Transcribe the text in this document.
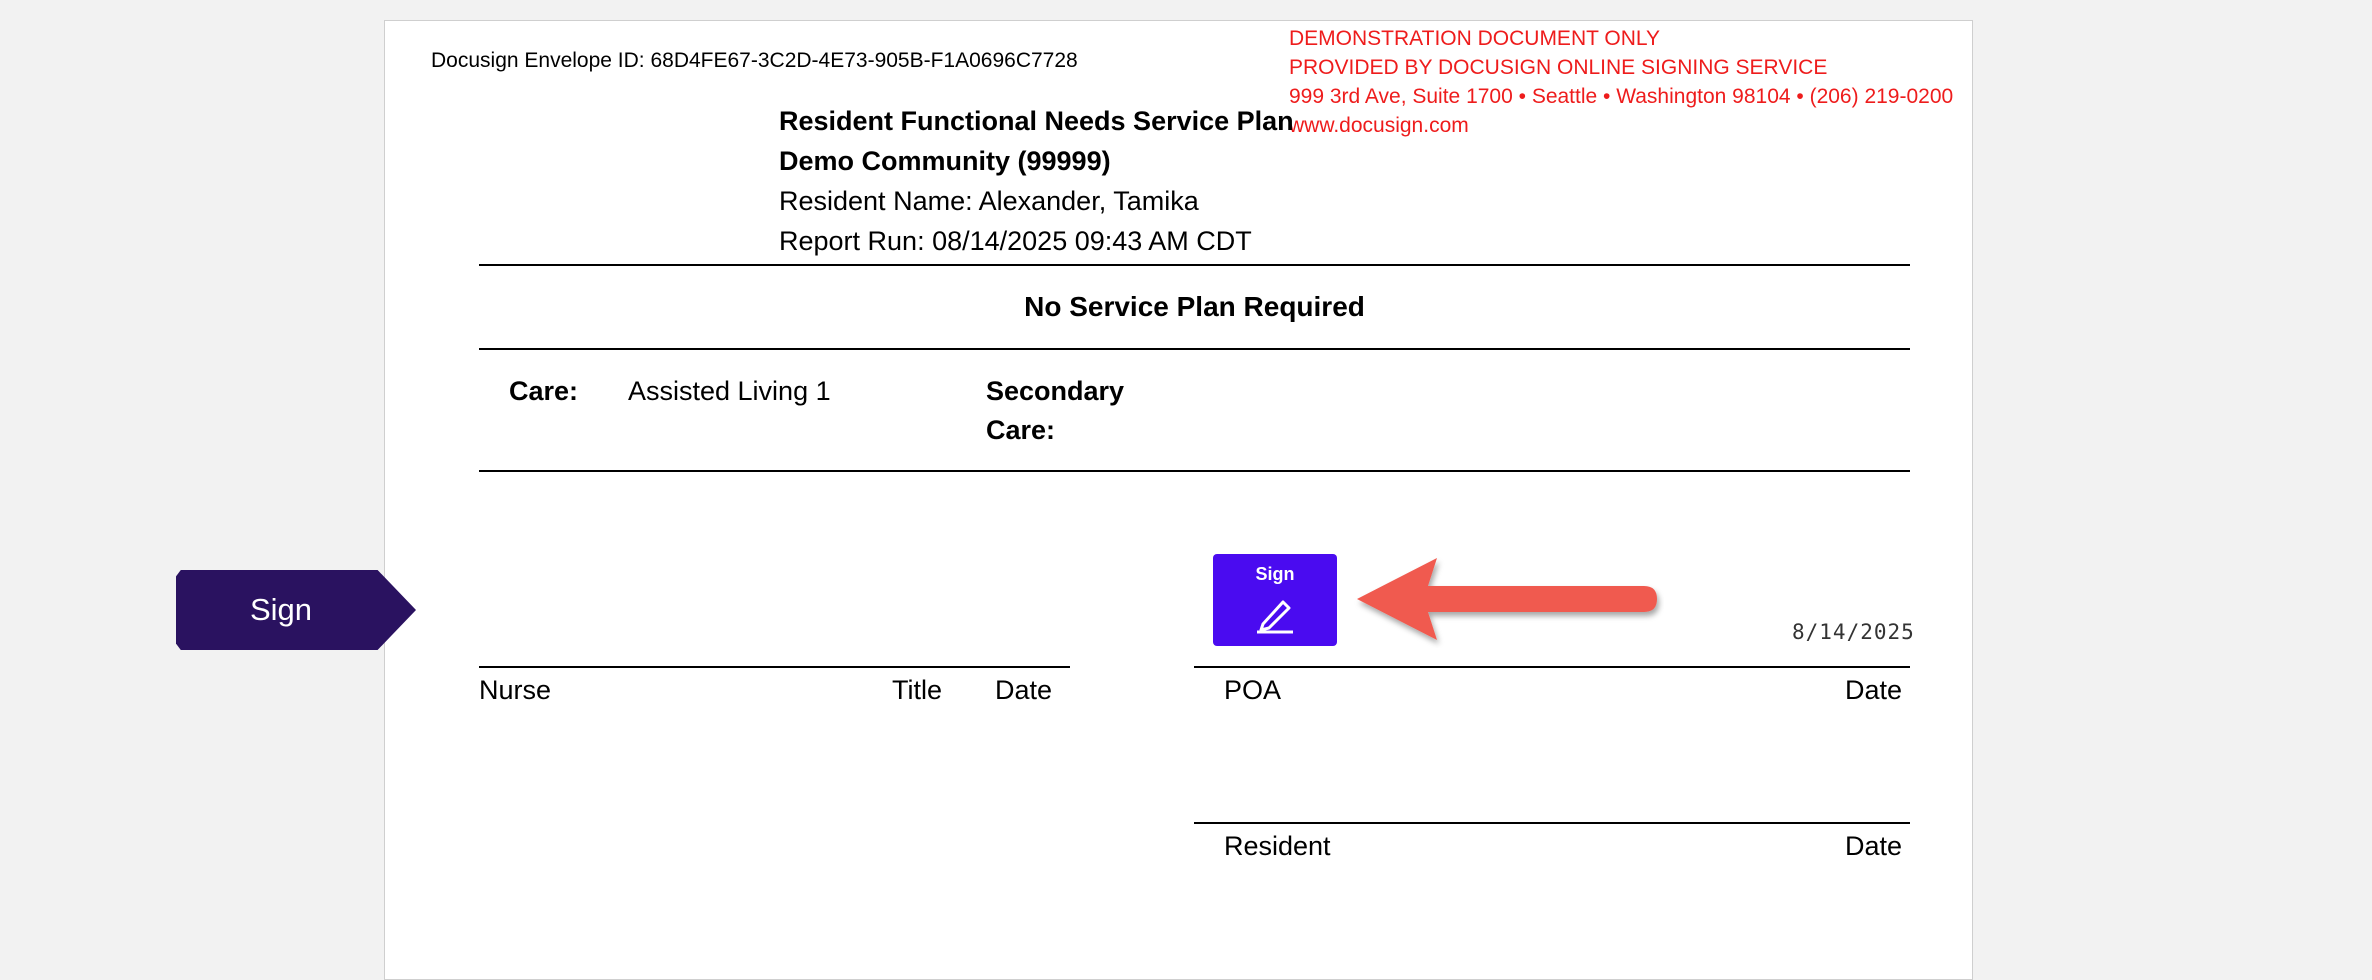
Docusign Envelope ID: 68D4FE67-3C2D-4E73-905B-F1A0696C7728
DEMONSTRATION DOCUMENT ONLY
PROVIDED BY DOCUSIGN ONLINE SIGNING SERVICE
999 3rd Ave, Suite 1700 • Seattle • Washington 98104 • (206) 219-0200
www.docusign.com
Resident Functional Needs Service Plan
Demo Community (99999)
Resident Name: Alexander, Tamika
Report Run: 08/14/2025 09:43 AM CDT
No Service Plan Required
Care: Assisted Living 1	Secondary
Care:
Nurse	Title Date	POA	Date
Resident	Date
8/14/2025
Sign
Sign
